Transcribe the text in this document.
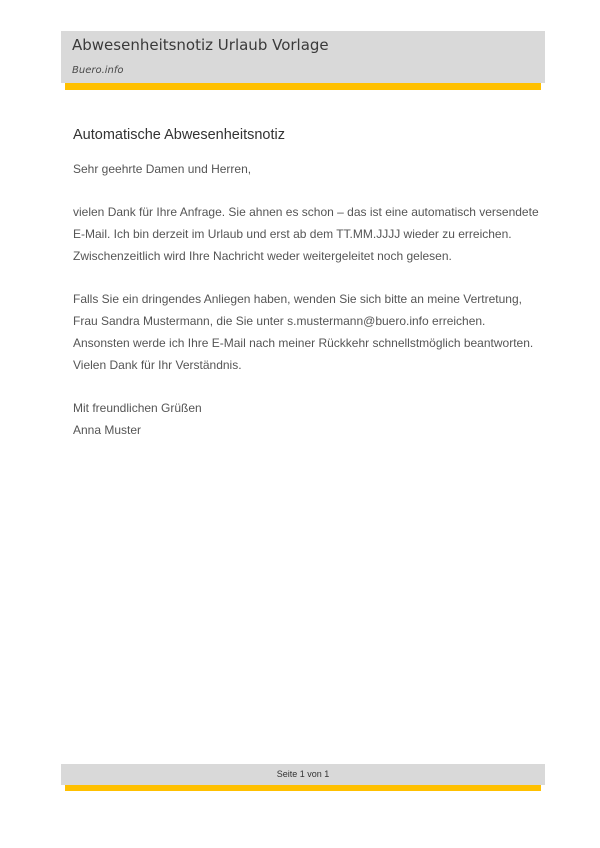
Abwesenheitsnotiz Urlaub Vorlage
Buero.info
Automatische Abwesenheitsnotiz
Sehr geehrte Damen und Herren,
vielen Dank für Ihre Anfrage. Sie ahnen es schon – das ist eine automatisch versendete
E-Mail. Ich bin derzeit im Urlaub und erst ab dem TT.MM.JJJJ wieder zu erreichen.
Zwischenzeitlich wird Ihre Nachricht weder weitergeleitet noch gelesen.
Falls Sie ein dringendes Anliegen haben, wenden Sie sich bitte an meine Vertretung,
Frau Sandra Mustermann, die Sie unter s.mustermann@buero.info erreichen.
Ansonsten werde ich Ihre E-Mail nach meiner Rückkehr schnellstmöglich beantworten.
Vielen Dank für Ihr Verständnis.
Mit freundlichen Grüßen
Anna Muster
Seite 1 von 1
